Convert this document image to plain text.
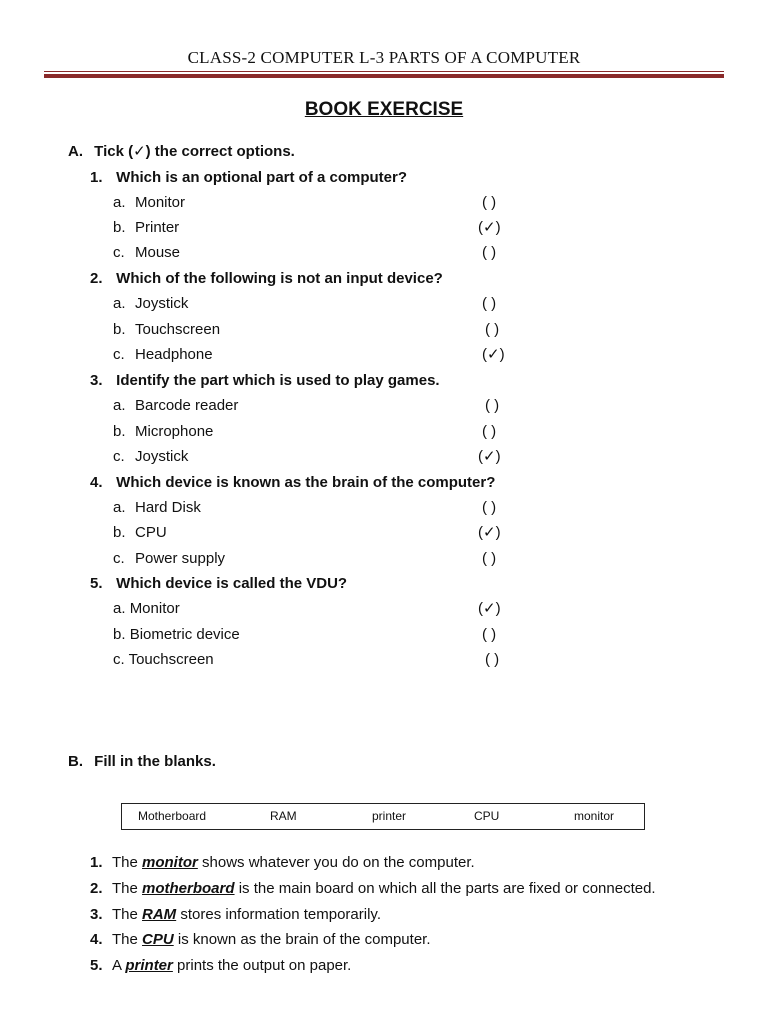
CLASS-2 COMPUTER L-3 PARTS OF A COMPUTER
BOOK EXERCISE
A. Tick (✓) the correct options.
1. Which is an optional part of a computer?
a. Monitor	( )
b. Printer	(✓)
c. Mouse	( )
2. Which of the following is not an input device?
a. Joystick	( )
b. Touchscreen	( )
c. Headphone	(✓)
3. Identify the part which is used to play games.
a. Barcode reader	( )
b. Microphone	( )
c. Joystick	(✓)
4. Which device is known as the brain of the computer?
a. Hard Disk	( )
b. CPU	(✓)
c. Power supply	( )
5. Which device is called the VDU?
a. Monitor	(✓)
b. Biometric device	( )
c. Touchscreen	( )
B. Fill in the blanks.
Motherboard	RAM	printer	CPU	monitor
1. The monitor shows whatever you do on the computer.
2. The motherboard is the main board on which all the parts are fixed or connected.
3. The RAM stores information temporarily.
4. The CPU is known as the brain of the computer.
5. A printer prints the output on paper.
